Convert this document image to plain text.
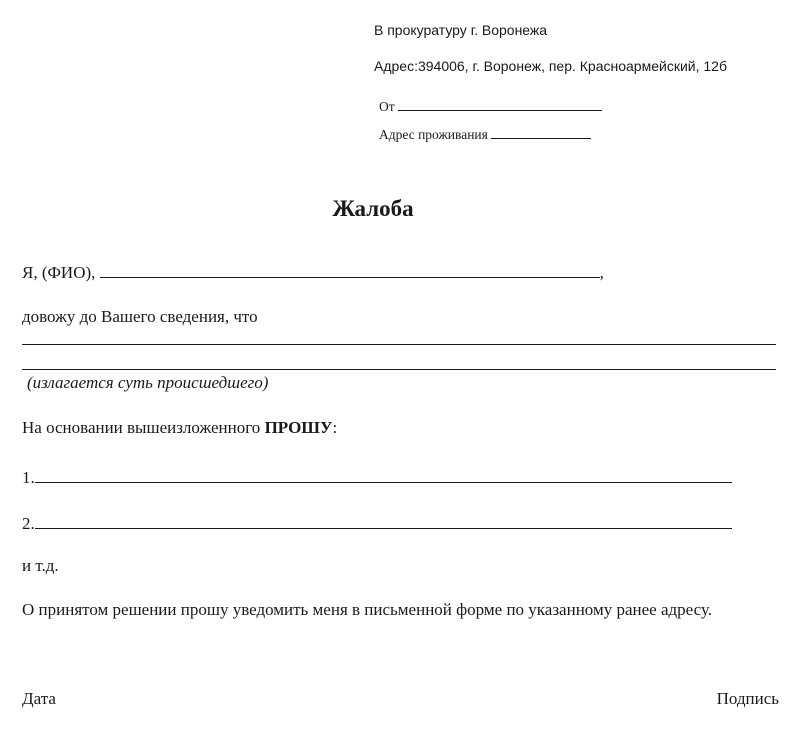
В прокуратуру г. Воронежа
Адрес:394006, г. Воронеж, пер. Красноармейский, 12б
От
Адрес проживания
Жалоба
Я, (ФИО),	,
довожу до Вашего сведения, что
(излагается суть происшедшего)
На основании вышеизложенного ПРОШУ:
1.
2.
и т.д.
О принятом решении прошу уведомить меня в письменной форме по указанному ранее адресу.
Дата	Подпись
